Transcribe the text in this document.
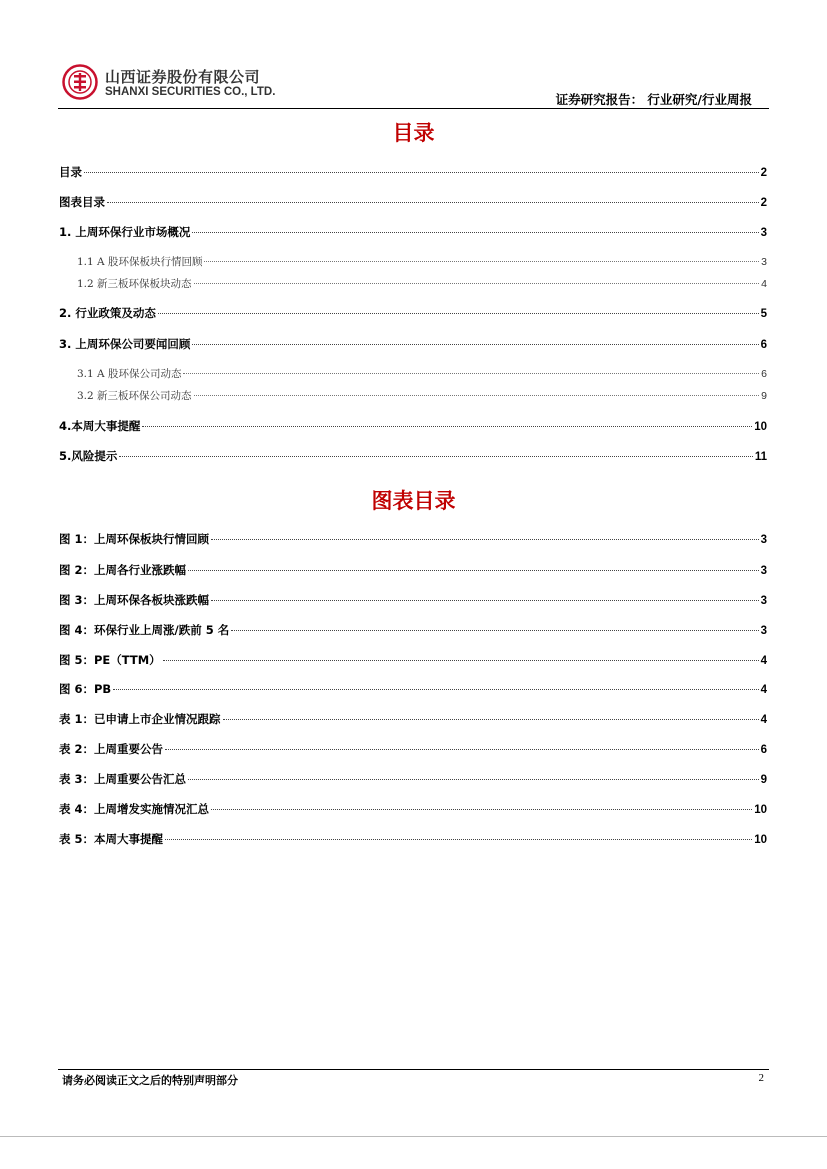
山西证券股份有限公司
SHANXI SECURITIES CO., LTD.	证券研究报告： 行业研究/行业周报
目录
目录	2
图表目录	2
1. 上周环保行业市场概况	3
1.1 A 股环保板块行情回顾	3
1.2 新三板环保板块动态	4
2. 行业政策及动态	5
3. 上周环保公司要闻回顾	6
3.1 A 股环保公司动态	6
3.2 新三板环保公司动态	9
4.本周大事提醒	10
5.风险提示	11
图表目录
图 1：上周环保板块行情回顾	3
图 2：上周各行业涨跌幅	3
图 3：上周环保各板块涨跌幅	3
图 4：环保行业上周涨/跌前 5 名	3
图 5：PE（TTM）	4
图 6：PB	4
表 1：已申请上市企业情况跟踪	4
表 2：上周重要公告	6
表 3：上周重要公告汇总	9
表 4：上周增发实施情况汇总	10
表 5：本周大事提醒	10
请务必阅读正文之后的特别声明部分	2
